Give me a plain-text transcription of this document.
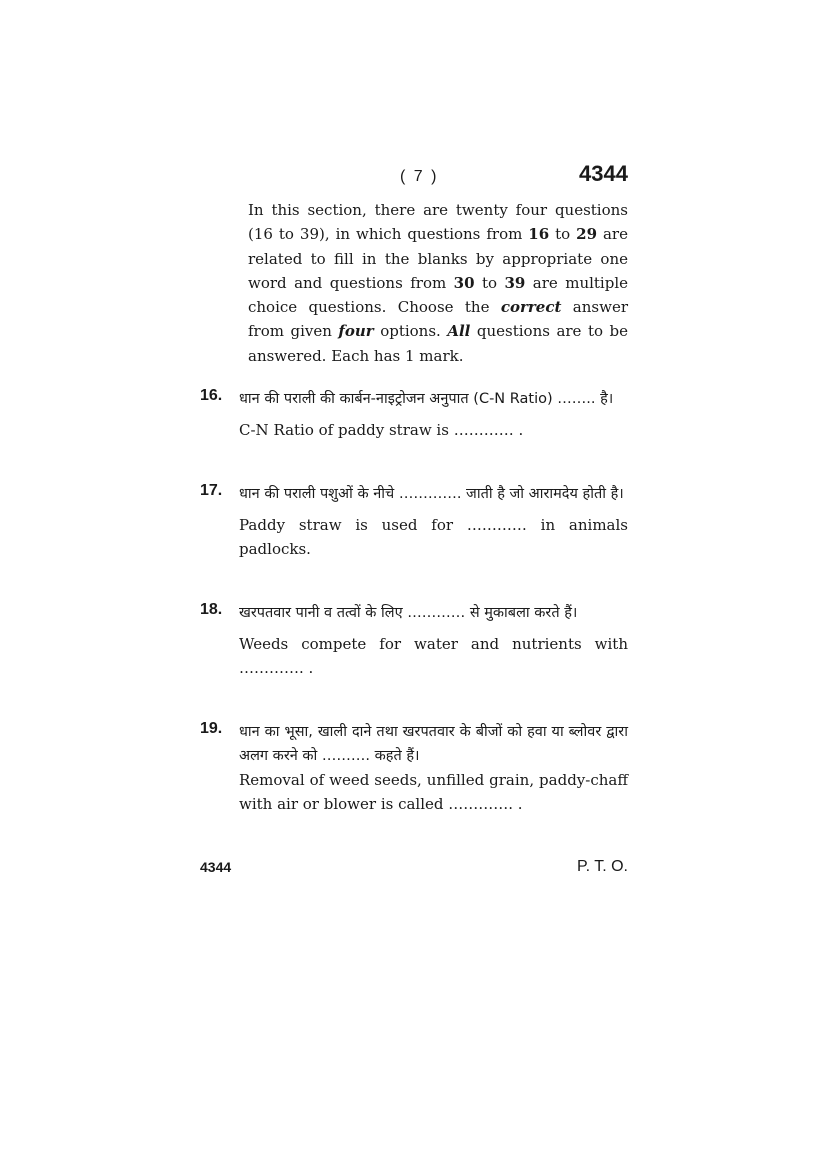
( 7 )	4344

In this section, there are twenty four questions (16 to 39), in which questions from 16 to 29 are related to fill in the blanks by appropriate one word and questions from 30 to 39 are multiple choice questions. Choose the correct answer from given four options. All questions are to be answered. Each has 1 mark.

16. धान की पराली की कार्बन-नाइट्रोजन अनुपात (C-N Ratio) …….. है।

C-N Ratio of paddy straw is ………… .

17. धान की पराली पशुओं के नीचे …………. जाती है जो आरामदेय होती है।

Paddy straw is used for ………… in animals padlocks.

18. खरपतवार पानी व तत्वों के लिए ………… से मुकाबला करते हैं।

Weeds compete for water and nutrients with …………. .

19. धान का भूसा, खाली दाने तथा खरपतवार के बीजों को हवा या ब्लोवर द्वारा अलग करने को ………. कहते हैं।

Removal of weed seeds, unfilled grain, paddy-chaff with air or blower is called …………. .

4344	P. T. O.
